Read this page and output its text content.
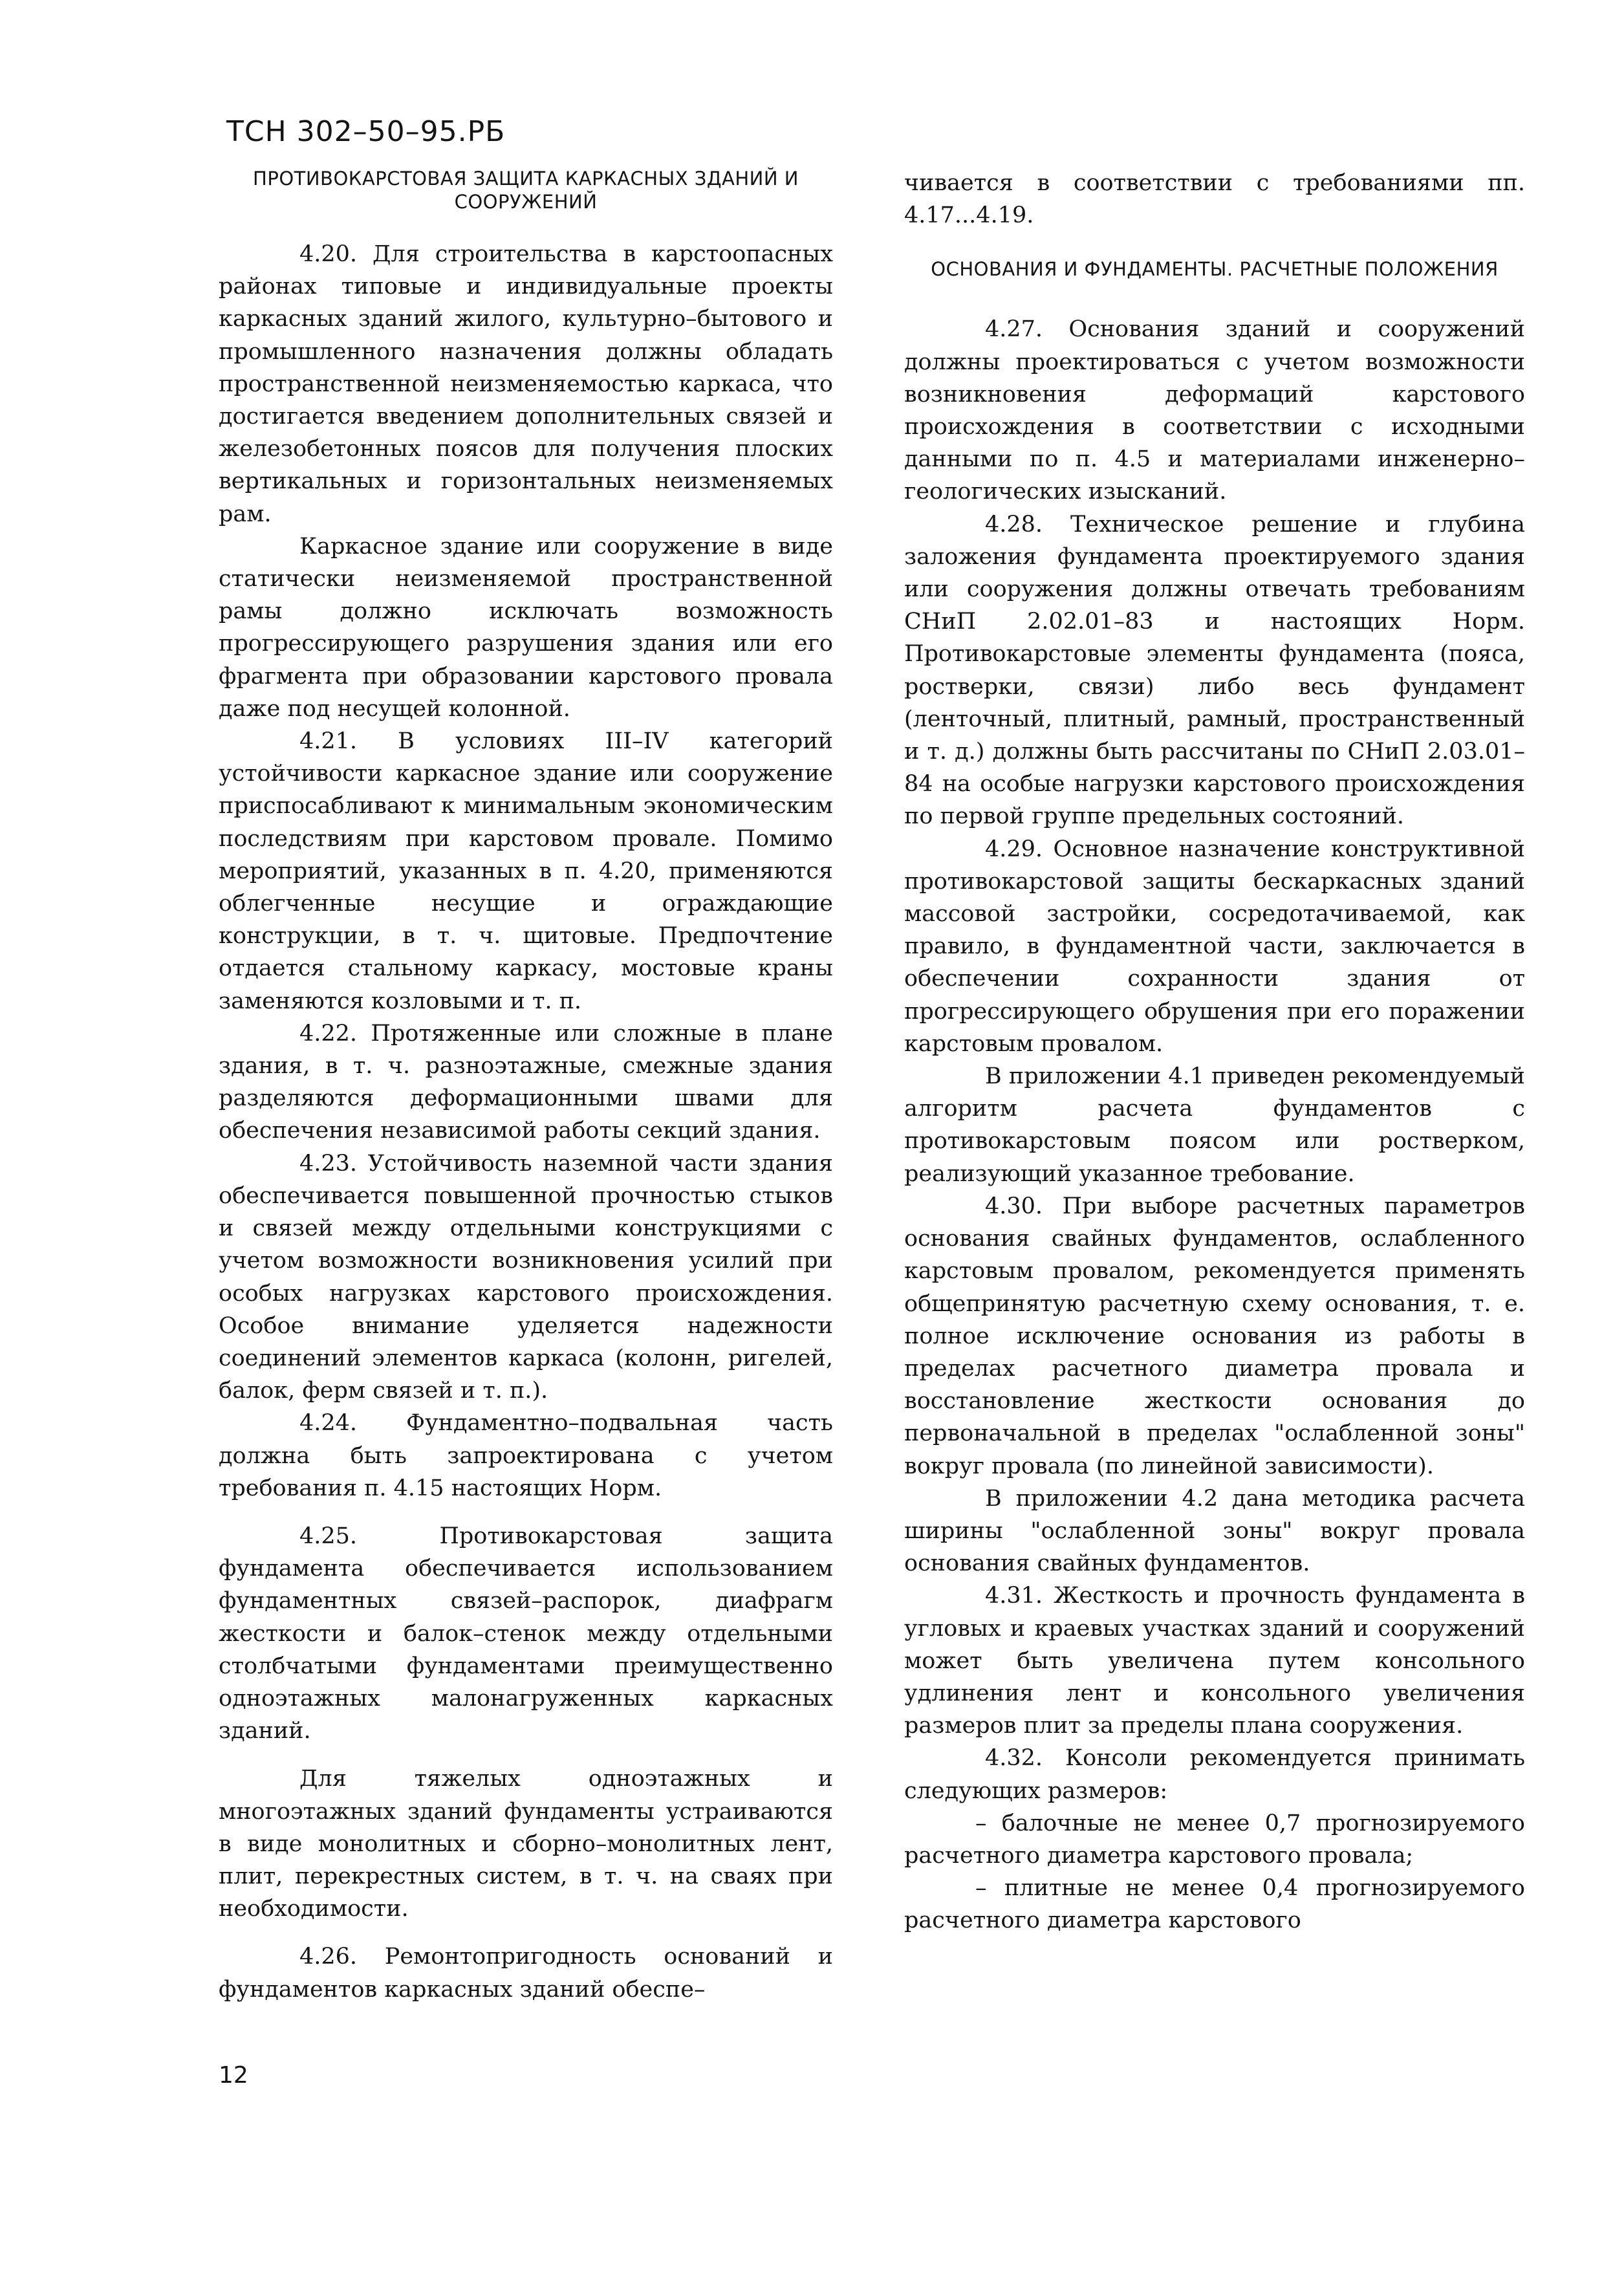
ТСН 302–50–95.РБ
ПРОТИВОКАРСТОВАЯ ЗАЩИТА КАРКАСНЫХ ЗДАНИЙ И СООРУЖЕНИЙ

4.20. Для строительства в карстоопасных районах типовые и индивидуальные проекты каркасных зданий жилого, культурно–бытового и промышленного назначения должны обладать пространственной неизменяемостью каркаса, что достигается введением дополнительных связей и железобетонных поясов для получения плоских вертикальных и горизонтальных неизменяемых рам.

Каркасное здание или сооружение в виде статически неизменяемой пространственной рамы должно исключать возможность прогрессирующего разрушения здания или его фрагмента при образовании карстового провала даже под несущей колонной.

4.21. В условиях III–IV категорий устойчивости каркасное здание или сооружение приспосабливают к минимальным экономическим последствиям при карстовом провале. Помимо мероприятий, указанных в п. 4.20, применяются облегченные несущие и ограждающие конструкции, в т. ч. щитовые. Предпочтение отдается стальному каркасу, мостовые краны заменяются козловыми и т. п.

4.22. Протяженные или сложные в плане здания, в т. ч. разноэтажные, смежные здания разделяются деформационными швами для обеспечения независимой работы секций здания.

4.23. Устойчивость наземной части здания обеспечивается повышенной прочностью стыков и связей между отдельными конструкциями с учетом возможности возникновения усилий при особых нагрузках карстового происхождения. Особое внимание уделяется надежности соединений элементов каркаса (колонн, ригелей, балок, ферм связей и т. п.).

4.24. Фундаментно–подвальная часть должна быть запроектирована с учетом требования п. 4.15 настоящих Норм.

4.25. Противокарстовая защита фундамента обеспечивается использованием фундаментных связей–распорок, диафрагм жесткости и балок–стенок между отдельными столбчатыми фундаментами преимущественно одноэтажных малонагруженных каркасных зданий.

Для тяжелых одноэтажных и многоэтажных зданий фундаменты устраиваются в виде монолитных и сборно–монолитных лент, плит, перекрестных систем, в т. ч. на сваях при необходимости.

4.26. Ремонтопригодность оснований и фундаментов каркасных зданий обеспе–

чивается в соответствии с требованиями пп. 4.17...4.19.

ОСНОВАНИЯ И ФУНДАМЕНТЫ. РАСЧЕТНЫЕ ПОЛОЖЕНИЯ

4.27. Основания зданий и сооружений должны проектироваться с учетом возможности возникновения деформаций карстового происхождения в соответствии с исходными данными по п. 4.5 и материалами инженерно–геологических изысканий.

4.28. Техническое решение и глубина заложения фундамента проектируемого здания или сооружения должны отвечать требованиям СНиП 2.02.01–83 и настоящих Норм. Противокарстовые элементы фундамента (пояса, ростверки, связи) либо весь фундамент (ленточный, плитный, рамный, пространственный и т. д.) должны быть рассчитаны по СНиП 2.03.01–84 на особые нагрузки карстового происхождения по первой группе предельных состояний.

4.29. Основное назначение конструктивной противокарстовой защиты бескаркасных зданий массовой застройки, сосредотачиваемой, как правило, в фундаментной части, заключается в обеспечении сохранности здания от прогрессирующего обрушения при его поражении карстовым провалом.

В приложении 4.1 приведен рекомендуемый алгоритм расчета фундаментов с противокарстовым поясом или ростверком, реализующий указанное требование.

4.30. При выборе расчетных параметров основания свайных фундаментов, ослабленного карстовым провалом, рекомендуется применять общепринятую расчетную схему основания, т. е. полное исключение основания из работы в пределах расчетного диаметра провала и восстановление жесткости основания до первоначальной в пределах "ослабленной зоны" вокруг провала (по линейной зависимости).

В приложении 4.2 дана методика расчета ширины "ослабленной зоны" вокруг провала основания свайных фундаментов.

4.31. Жесткость и прочность фундамента в угловых и краевых участках зданий и сооружений может быть увеличена путем консольного удлинения лент и консольного увеличения размеров плит за пределы плана сооружения.

4.32. Консоли рекомендуется принимать следующих размеров:

– балочные не менее 0,7 прогнозируемого расчетного диаметра карстового провала;

– плитные не менее 0,4 прогнозируемого расчетного диаметра карстового

12
